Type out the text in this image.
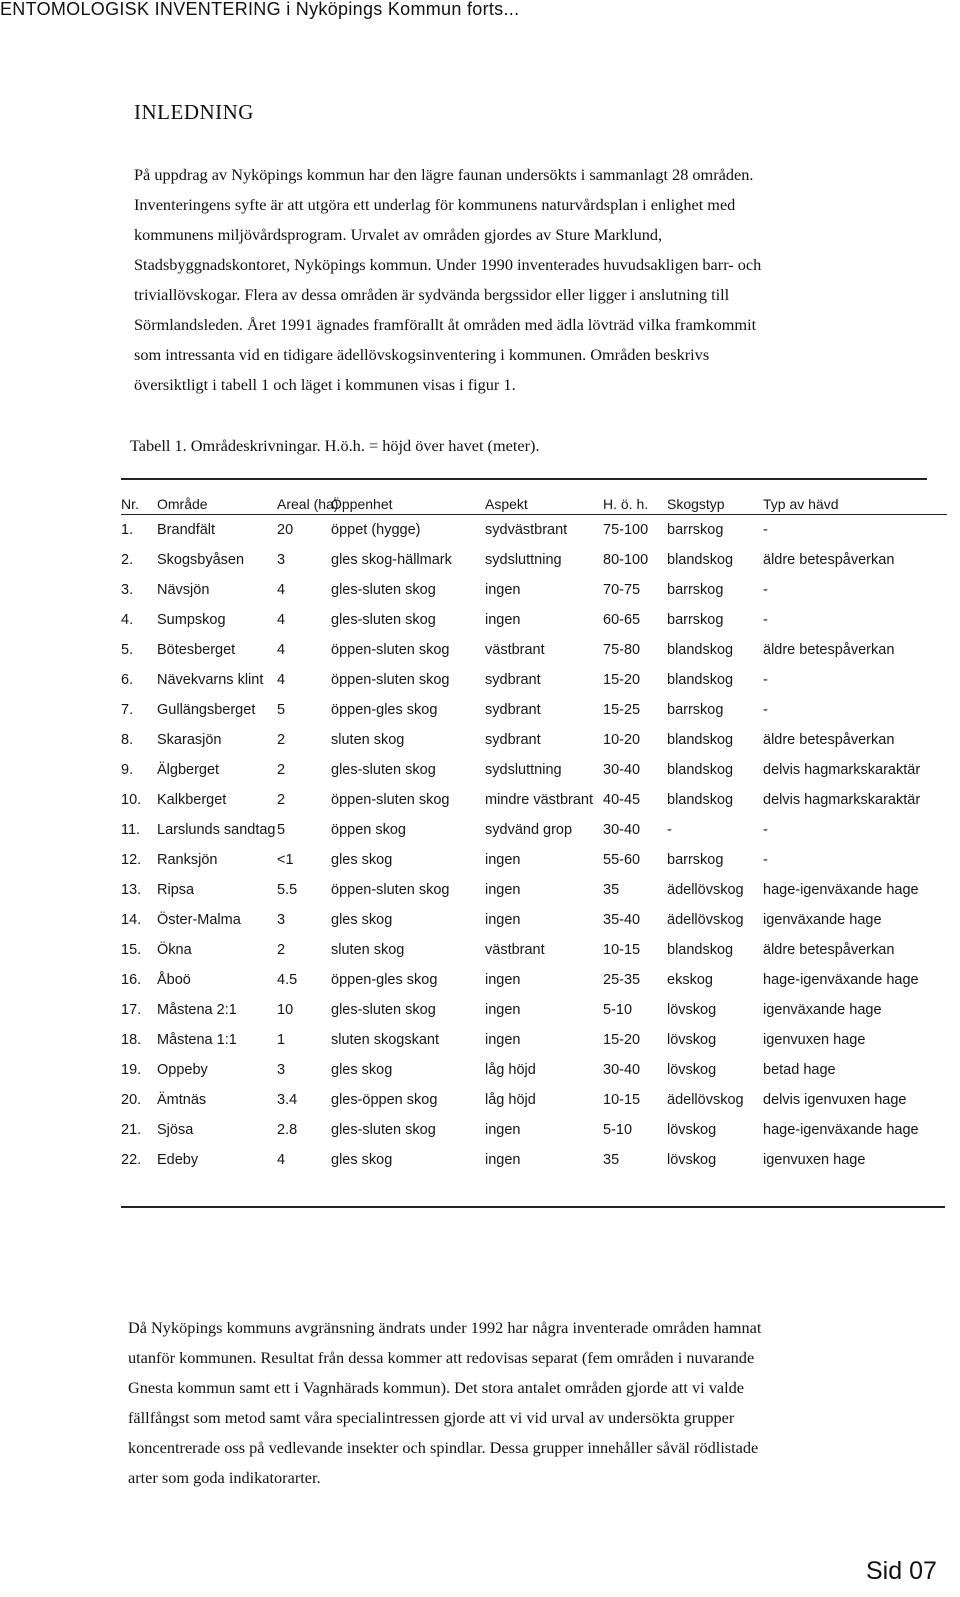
ENTOMOLOGISK INVENTERING i Nyköpings Kommun forts...
INLEDNING

På uppdrag av Nyköpings kommun har den lägre faunan undersökts i sammanlagt 28 områden.
Inventeringens syfte är att utgöra ett underlag för kommunens naturvårdsplan i enlighet med
kommunens miljövårdsprogram. Urvalet av områden gjordes av Sture Marklund,
Stadsbyggnadskontoret, Nyköpings kommun. Under 1990 inventerades huvudsakligen barr- och
triviallövskogar. Flera av dessa områden är sydvända bergssidor eller ligger i anslutning till
Sörmlandsleden. Året 1991 ägnades framförallt åt områden med ädla lövträd vilka framkommit
som intressanta vid en tidigare ädellövskogsinventering i kommunen. Områden beskrivs
översiktligt i tabell 1 och läget i kommunen visas i figur 1.

Tabell 1. Områdeskrivningar. H.ö.h. = höjd över havet (meter).

Nr.	Område	Areal (ha)	Öppenhet	Aspekt	H. ö. h.	Skogstyp	Typ av hävd
1.	Brandfält	20	öppet (hygge)	sydvästbrant	75-100	barrskog	-
2.	Skogsbyåsen	3	gles skog-hällmark	sydsluttning	80-100	blandskog	äldre betespåverkan
3.	Nävsjön	4	gles-sluten skog	ingen	70-75	barrskog	-
4.	Sumpskog	4	gles-sluten skog	ingen	60-65	barrskog	-
5.	Bötesberget	4	öppen-sluten skog	västbrant	75-80	blandskog	äldre betespåverkan
6.	Nävekvarns klint	4	öppen-sluten skog	sydbrant	15-20	blandskog	-
7.	Gullängsberget	5	öppen-gles skog	sydbrant	15-25	barrskog	-
8.	Skarasjön	2	sluten skog	sydbrant	10-20	blandskog	äldre betespåverkan
9.	Älgberget	2	gles-sluten skog	sydsluttning	30-40	blandskog	delvis hagmarkskaraktär
10.	Kalkberget	2	öppen-sluten skog	mindre västbrant	40-45	blandskog	delvis hagmarkskaraktär
11.	Larslunds sandtag	5	öppen skog	sydvänd grop	30-40	-	-
12.	Ranksjön	<1	gles skog	ingen	55-60	barrskog	-
13.	Ripsa	5.5	öppen-sluten skog	ingen	35	ädellövskog	hage-igenväxande hage
14.	Öster-Malma	3	gles skog	ingen	35-40	ädellövskog	igenväxande hage
15.	Ökna	2	sluten skog	västbrant	10-15	blandskog	äldre betespåverkan
16.	Åboö	4.5	öppen-gles skog	ingen	25-35	ekskog	hage-igenväxande hage
17.	Måstena 2:1	10	gles-sluten skog	ingen	5-10	lövskog	igenväxande hage
18.	Måstena 1:1	1	sluten skogskant	ingen	15-20	lövskog	igenvuxen hage
19.	Oppeby	3	gles skog	låg höjd	30-40	lövskog	betad hage
20.	Ämtnäs	3.4	gles-öppen skog	låg höjd	10-15	ädellövskog	delvis igenvuxen hage
21.	Sjösa	2.8	gles-sluten skog	ingen	5-10	lövskog	hage-igenväxande hage
22.	Edeby	4	gles skog	ingen	35	lövskog	igenvuxen hage

Då Nyköpings kommuns avgränsning ändrats under 1992 har några inventerade områden hamnat
utanför kommunen. Resultat från dessa kommer att redovisas separat (fem områden i nuvarande
Gnesta kommun samt ett i Vagnhärads kommun). Det stora antalet områden gjorde att vi valde
fällfångst som metod samt våra specialintressen gjorde att vi vid urval av undersökta grupper
koncentrerade oss på vedlevande insekter och spindlar. Dessa grupper innehåller såväl rödlistade
arter som goda indikatorarter.

Sid 07
